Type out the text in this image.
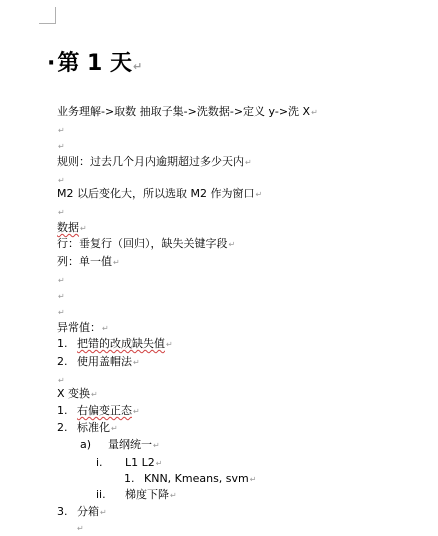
·第 1 天↵
业务理解->取数 抽取子集->洗数据->定义 y->洗 X↵
↵
↵
规则：过去几个月内逾期超过多少天内↵
↵
M2 以后变化大，所以选取 M2 作为窗口↵
↵
数据↵
行：垂复行（回归），缺失关键字段↵
列：单一值↵
↵
↵
↵
异常值：↵
1. 把错的改成缺失值↵
2. 使用盖帽法↵
↵
X 变换↵
1. 右偏变正态↵
2. 标准化↵
a) 量纲统一↵
i. L1 L2↵
1. KNN, Kmeans, svm↵
ii. 梯度下降↵
3. 分箱↵
↵
